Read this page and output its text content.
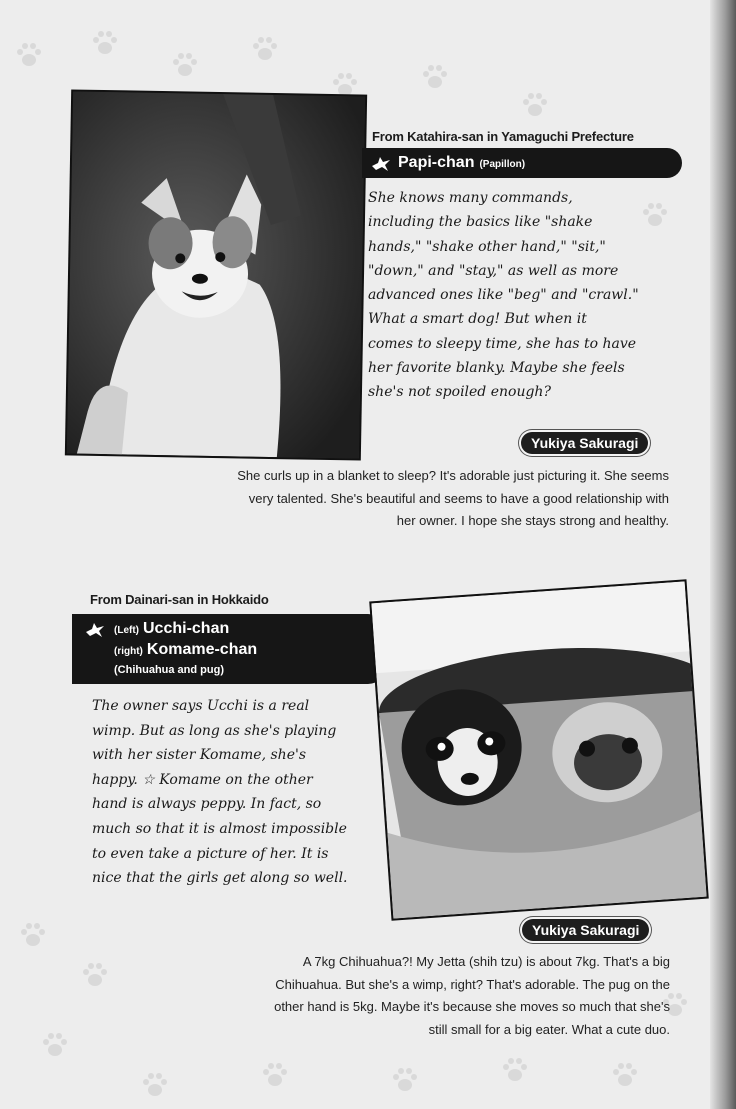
From Katahira-san in Yamaguchi Prefecture
Papi-chan (Papillon)

She knows many commands,

including the basics like "shake

hands," "shake other hand," "sit,"

"down," and "stay," as well as more

advanced ones like "beg" and "crawl."

What a smart dog! But when it

comes to sleepy time, she has to have

her favorite blanky. Maybe she feels

she's not spoiled enough?

Yukiya Sakuragi

She curls up in a blanket to sleep? It's adorable just picturing it. She seems

very talented. She's beautiful and seems to have a good relationship with

her owner. I hope she stays strong and healthy.

From Dainari-san in Hokkaido
(Left) Ucchi-chan
(right) Komame-chan
(Chihuahua and pug)

The owner says Ucchi is a real

wimp. But as long as she's playing

with her sister Komame, she's

happy. ☆ Komame on the other

hand is always peppy. In fact, so

much so that it is almost impossible

to even take a picture of her. It is

nice that the girls get along so well.

Yukiya Sakuragi

A 7kg Chihuahua?! My Jetta (shih tzu) is about 7kg. That's a big

Chihuahua. But she's a wimp, right? That's adorable. The pug on the

other hand is 5kg. Maybe it's because she moves so much that she's

still small for a big eater. What a cute duo.
